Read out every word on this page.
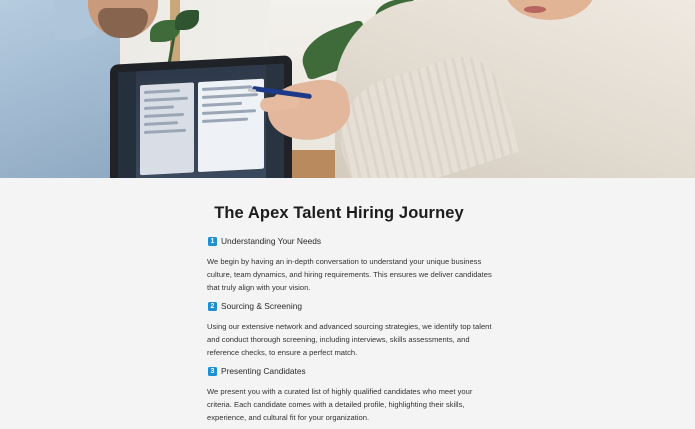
The Apex Talent Hiring Journey
1 Understanding Your Needs

We begin by having an in-depth conversation to understand your unique business culture, team dynamics, and hiring requirements. This ensures we deliver candidates that truly align with your vision.

2 Sourcing & Screening

Using our extensive network and advanced sourcing strategies, we identify top talent and conduct thorough screening, including interviews, skills assessments, and reference checks, to ensure a perfect match.

3 Presenting Candidates

We present you with a curated list of highly qualified candidates who meet your criteria. Each candidate comes with a detailed profile, highlighting their skills, experience, and cultural fit for your organization.
